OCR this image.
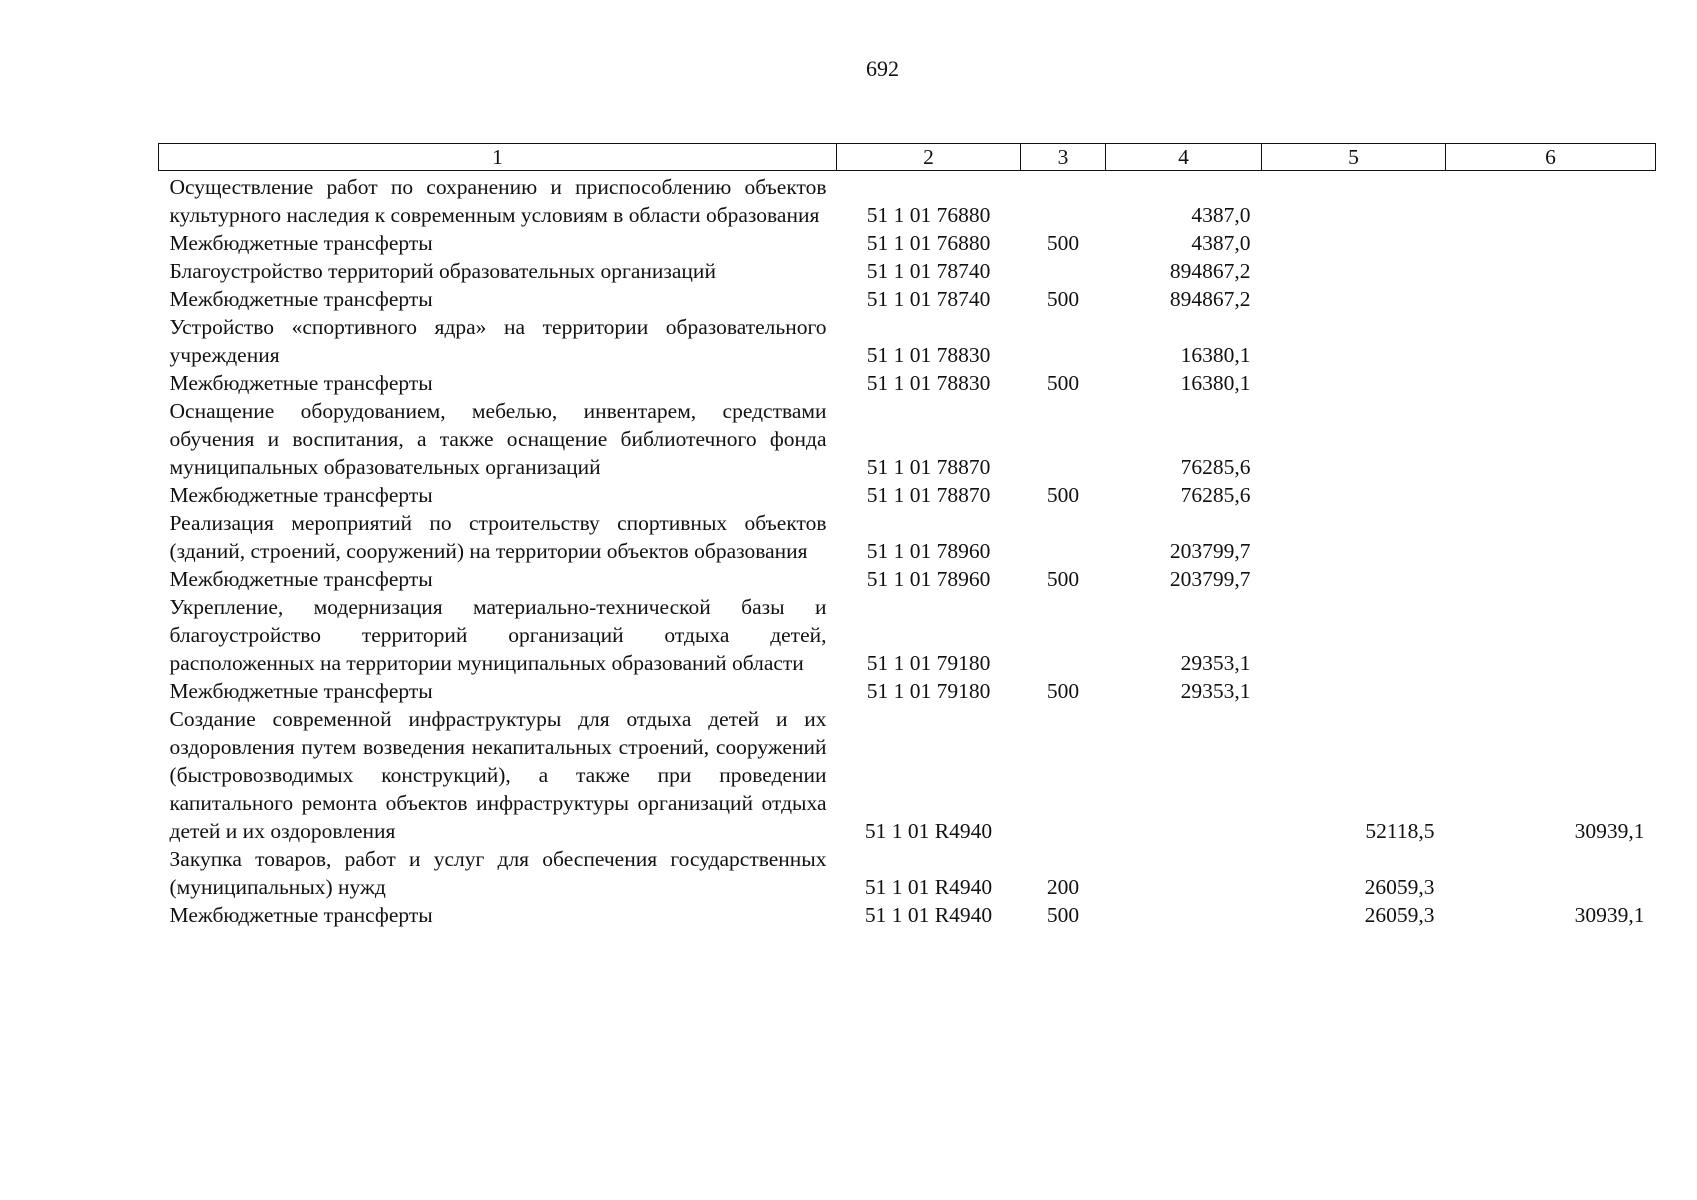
692
1	2	3	4	5	6
Осуществление работ по сохранению и приспособлению объектов культурного наследия к современным условиям в области образования	51 1 01 76880		4387,0		
Межбюджетные трансферты	51 1 01 76880	500	4387,0		
Благоустройство территорий образовательных организаций	51 1 01 78740		894867,2		
Межбюджетные трансферты	51 1 01 78740	500	894867,2		
Устройство «спортивного ядра» на территории образовательного учреждения	51 1 01 78830		16380,1		
Межбюджетные трансферты	51 1 01 78830	500	16380,1		
Оснащение оборудованием, мебелью, инвентарем, средствами обучения и воспитания, а также оснащение библиотечного фонда муниципальных образовательных организаций	51 1 01 78870		76285,6		
Межбюджетные трансферты	51 1 01 78870	500	76285,6		
Реализация мероприятий по строительству спортивных объектов (зданий, строений, сооружений) на территории объектов образования	51 1 01 78960		203799,7		
Межбюджетные трансферты	51 1 01 78960	500	203799,7		
Укрепление, модернизация материально-технической базы и благоустройство территорий организаций отдыха детей, расположенных на территории муниципальных образований области	51 1 01 79180		29353,1		
Межбюджетные трансферты	51 1 01 79180	500	29353,1		
Создание современной инфраструктуры для отдыха детей и их оздоровления путем возведения некапитальных строений, сооружений (быстровозводимых конструкций), а также при проведении капитального ремонта объектов инфраструктуры организаций отдыха детей и их оздоровления	51 1 01 R4940			52118,5	30939,1
Закупка товаров, работ и услуг для обеспечения государственных (муниципальных) нужд	51 1 01 R4940	200		26059,3	
Межбюджетные трансферты	51 1 01 R4940	500		26059,3	30939,1
